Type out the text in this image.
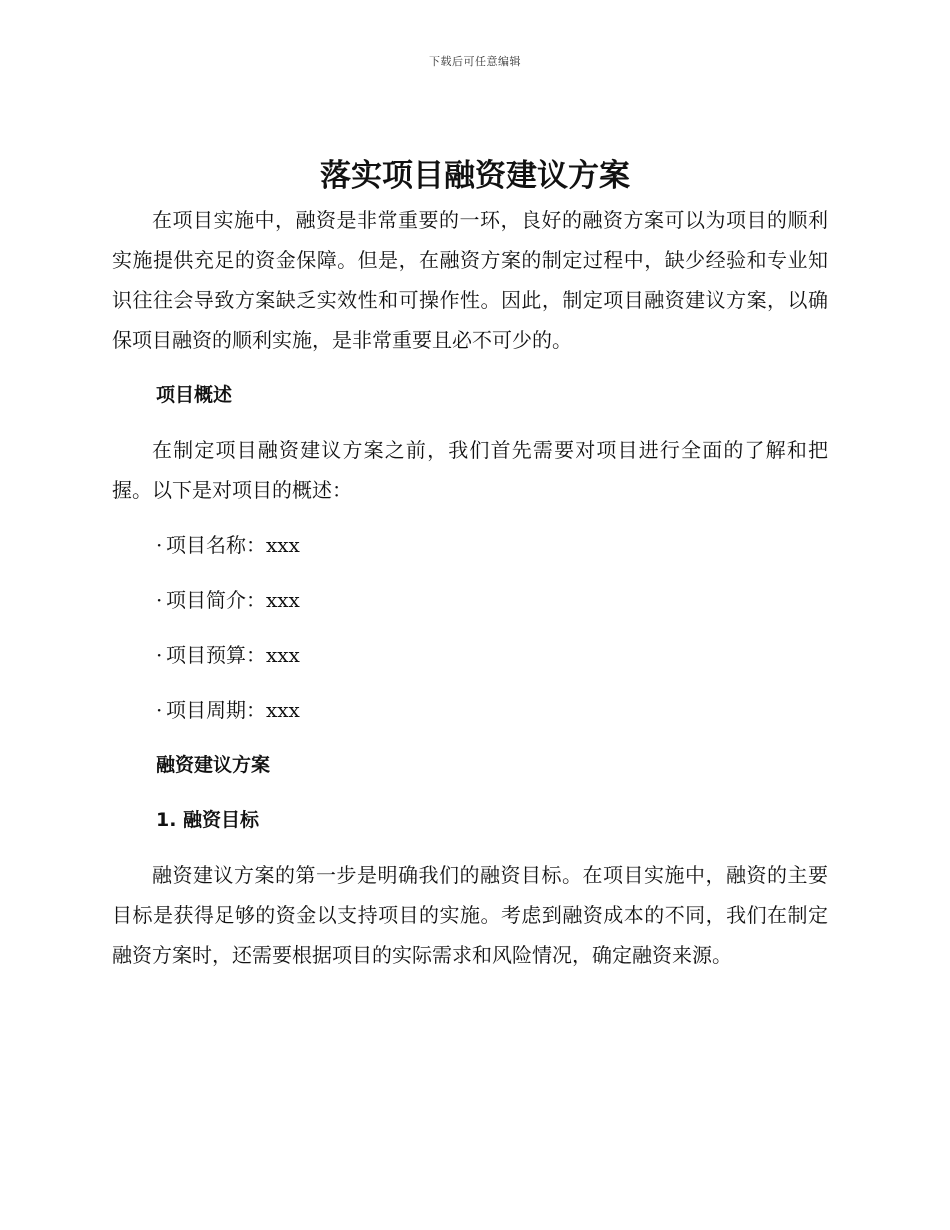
下载后可任意编辑
落实项目融资建议方案

在项目实施中，融资是非常重要的一环，良好的融资方案可以为项目的顺利实施提供充足的资金保障。但是，在融资方案的制定过程中，缺少经验和专业知识往往会导致方案缺乏实效性和可操作性。因此，制定项目融资建议方案，以确保项目融资的顺利实施，是非常重要且必不可少的。

项目概述

在制定项目融资建议方案之前，我们首先需要对项目进行全面的了解和把握。以下是对项目的概述：

· 项目名称：xxx
· 项目简介：xxx
· 项目预算：xxx
· 项目周期：xxx
融资建议方案
1. 融资目标

融资建议方案的第一步是明确我们的融资目标。在项目实施中，融资的主要目标是获得足够的资金以支持项目的实施。考虑到融资成本的不同，我们在制定融资方案时，还需要根据项目的实际需求和风险情况，确定融资来源。
